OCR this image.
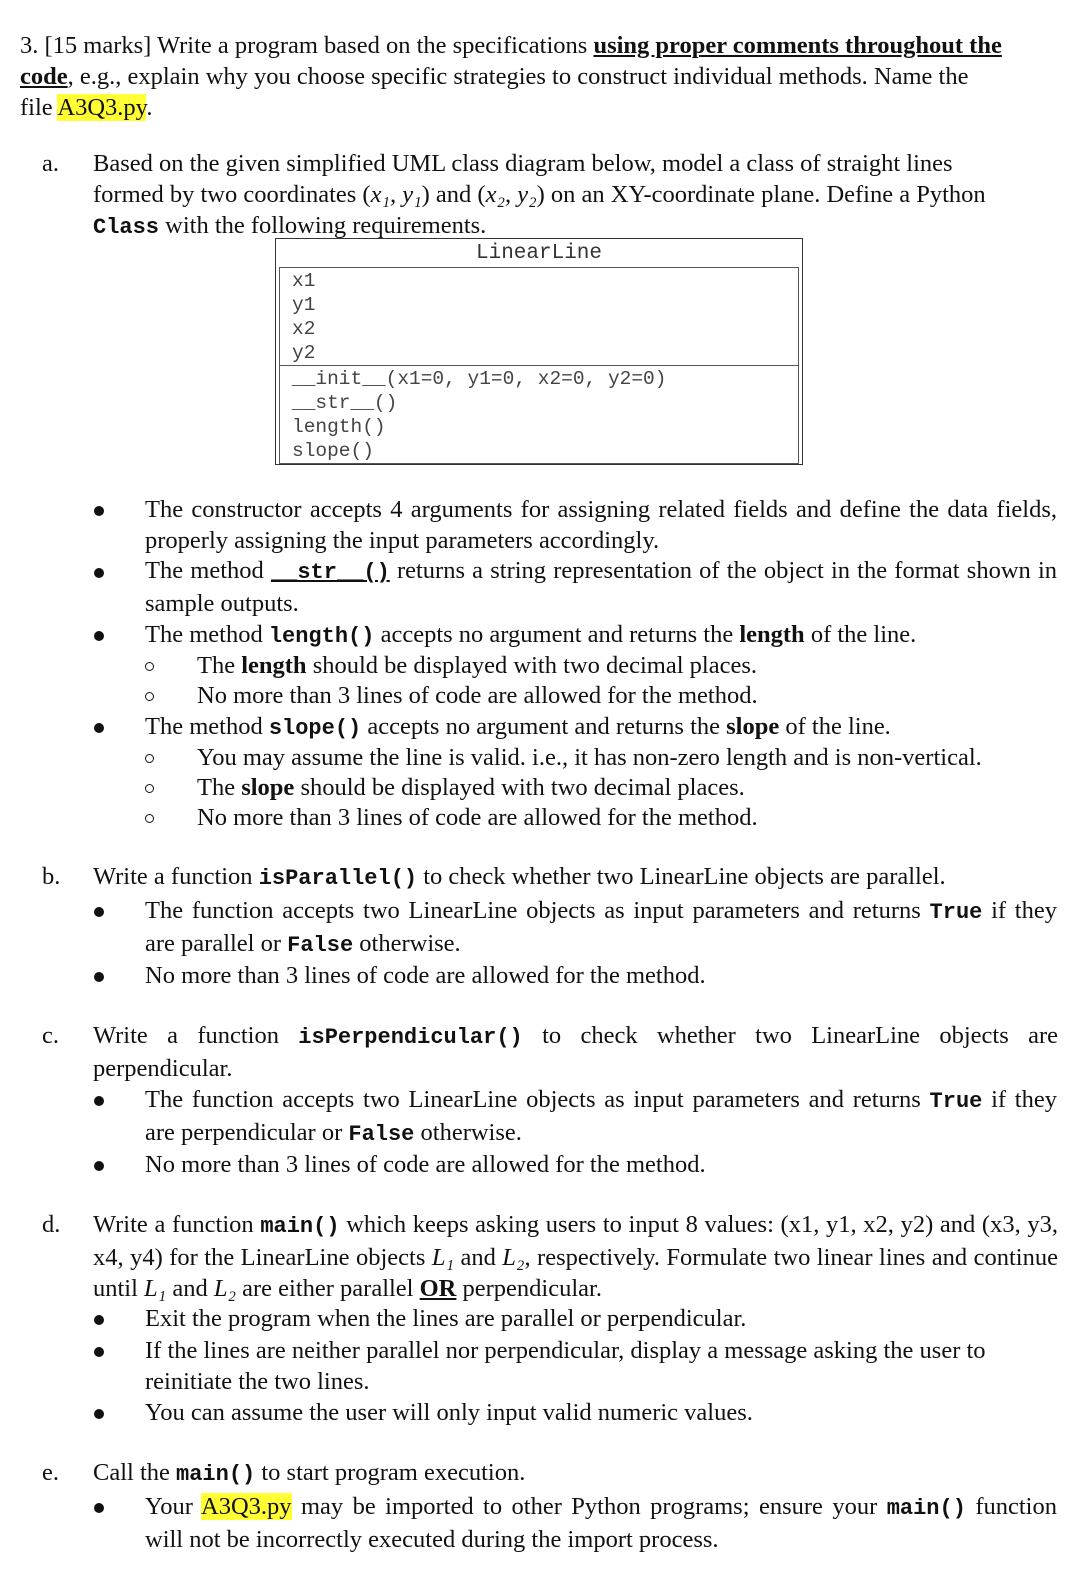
3. [15 marks] Write a program based on the specifications using proper comments throughout the
code, e.g., explain why you choose specific strategies to construct individual methods. Name the
file A3Q3.py.
a. Based on the given simplified UML class diagram below, model a class of straight lines
formed by two coordinates (x₁, y₁) and (x₂, y₂) on an XY-coordinate plane. Define a Python
Class with the following requirements.
LinearLine
x1
y1
x2
y2
__init__(x1=0, y1=0, x2=0, y2=0)
__str__()
length()
slope()
The constructor accepts 4 arguments for assigning related fields and define the data fields, properly assigning the input parameters accordingly.
The method __str__() returns a string representation of the object in the format shown in sample outputs.
The method length() accepts no argument and returns the length of the line.
The length should be displayed with two decimal places.
No more than 3 lines of code are allowed for the method.
The method slope() accepts no argument and returns the slope of the line.
You may assume the line is valid. i.e., it has non-zero length and is non-vertical.
The slope should be displayed with two decimal places.
No more than 3 lines of code are allowed for the method.
b. Write a function isParallel() to check whether two LinearLine objects are parallel.
The function accepts two LinearLine objects as input parameters and returns True if they are parallel or False otherwise.
No more than 3 lines of code are allowed for the method.
c. Write a function isPerpendicular() to check whether two LinearLine objects are perpendicular.
The function accepts two LinearLine objects as input parameters and returns True if they are perpendicular or False otherwise.
No more than 3 lines of code are allowed for the method.
d. Write a function main() which keeps asking users to input 8 values: (x1, y1, x2, y2) and (x3, y3, x4, y4) for the LinearLine objects L₁ and L₂, respectively. Formulate two linear lines and continue until L₁ and L₂ are either parallel OR perpendicular.
Exit the program when the lines are parallel or perpendicular.
If the lines are neither parallel nor perpendicular, display a message asking the user to reinitiate the two lines.
You can assume the user will only input valid numeric values.
e. Call the main() to start program execution.
Your A3Q3.py may be imported to other Python programs; ensure your main() function will not be incorrectly executed during the import process.
